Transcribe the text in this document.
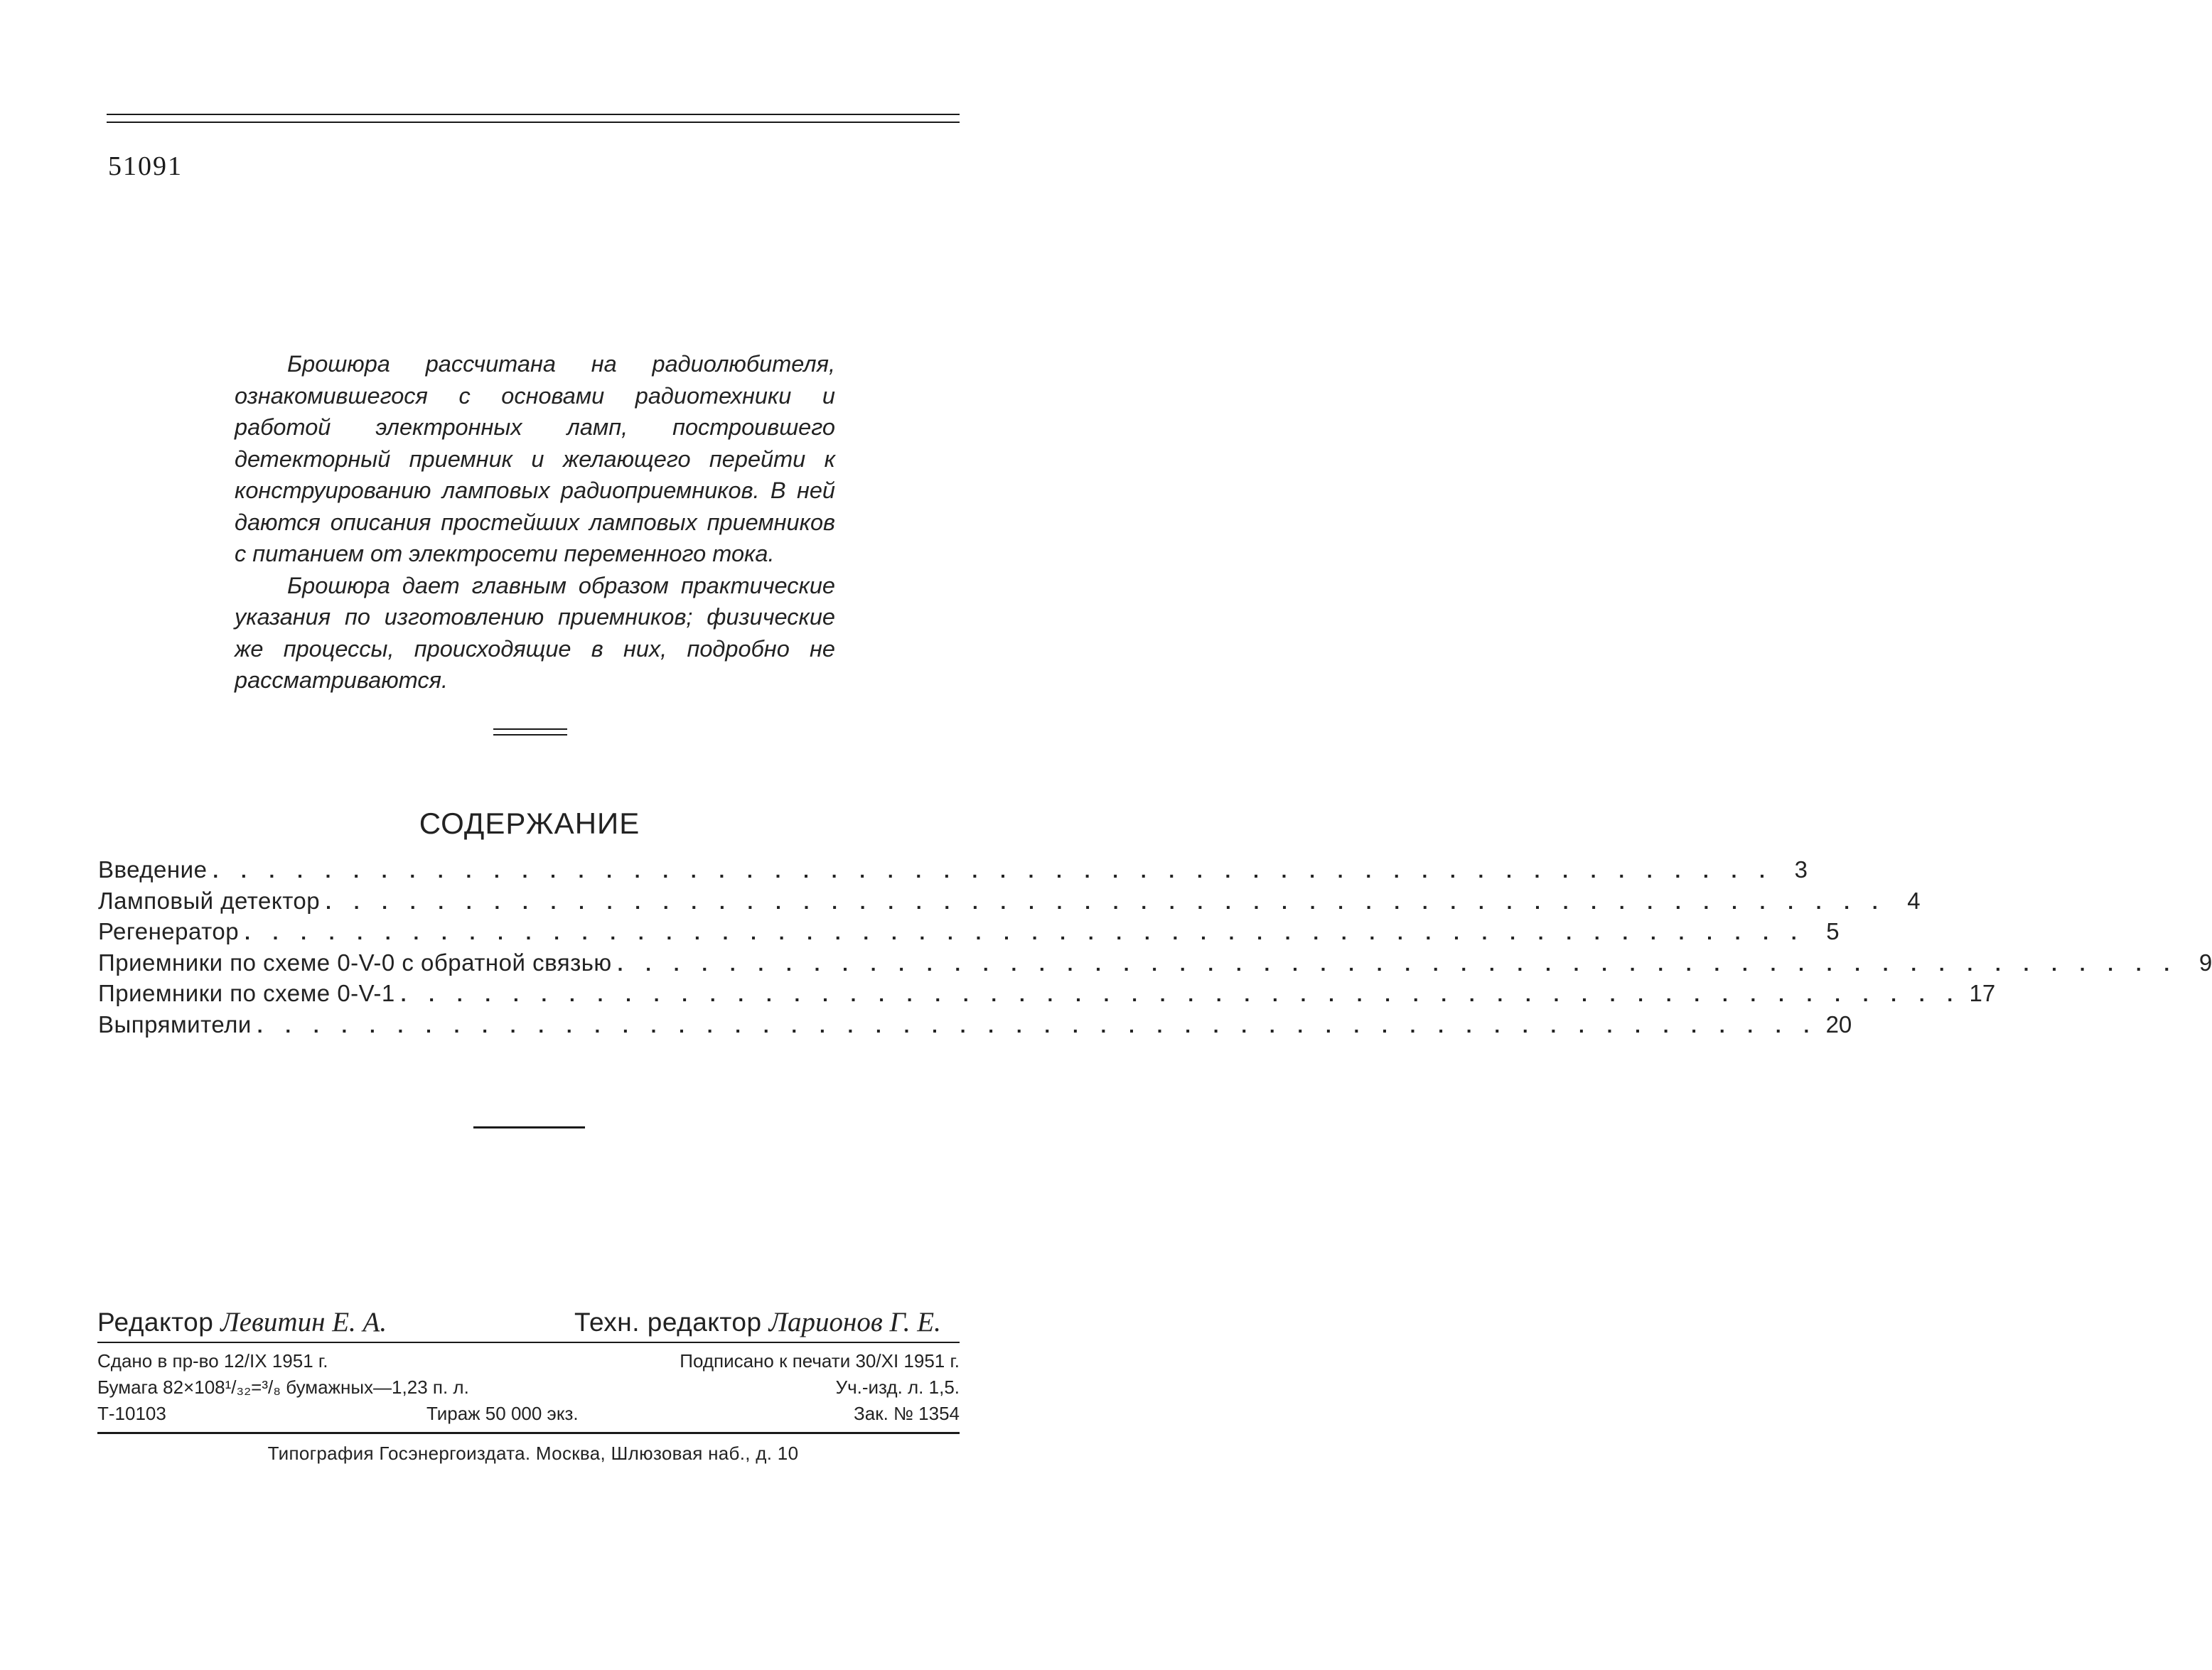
51091

Брошюра рассчитана на радиолюбителя, ознакомившегося с основами радиотехники и работой электронных ламп, построившего детекторный приемник и желающего перейти к конструированию ламповых радиоприемников. В ней даются описания простейших ламповых приемников с питанием от электросети переменного тока.

Брошюра дает главным образом практические указания по изготовлению приемников; физические же процессы, происходящие в них, подробно не рассматриваются.

СОДЕРЖАНИЕ
Введение . . . . . . . . . . . . . . . . . . . . . . . . . . . . . . . . . . . . . . . . . . . . . . . . . . . . . . . . 3
Ламповый детектор . . . . . . . . . . . . . . . . . . . . . . . . . . . . . . . . . . . . . . . . . . . . . . . . . . . . . . . . 4
Регенератор . . . . . . . . . . . . . . . . . . . . . . . . . . . . . . . . . . . . . . . . . . . . . . . . . . . . . . . . 5
Приемники по схеме 0-V-0 с обратной связью . . . . . . . . . . . . . . . . . . . . . . . . . . . . . . . . . . . . . . . . . . . . . . . . . . . . . . . . 9
Приемники по схеме 0-V-1 . . . . . . . . . . . . . . . . . . . . . . . . . . . . . . . . . . . . . . . . . . . . . . . . . . . . . . . . 17
Выпрямители . . . . . . . . . . . . . . . . . . . . . . . . . . . . . . . . . . . . . . . . . . . . . . . . . . . . . . . . 20
Редактор Левитин Е. А.	Техн. редактор Ларионов Г. Е.
Сдано в пр-во 12/IX 1951 г.	Подписано к печати 30/XI 1951 г.
Бумага 82×108¹/₃₂=³/₈ бумажных—1,23 п. л.	Уч.-изд. л. 1,5.
Т-10103	Тираж 50 000 экз.	Зак. № 1354
Типография Госэнергоиздата. Москва, Шлюзовая наб., д. 10
